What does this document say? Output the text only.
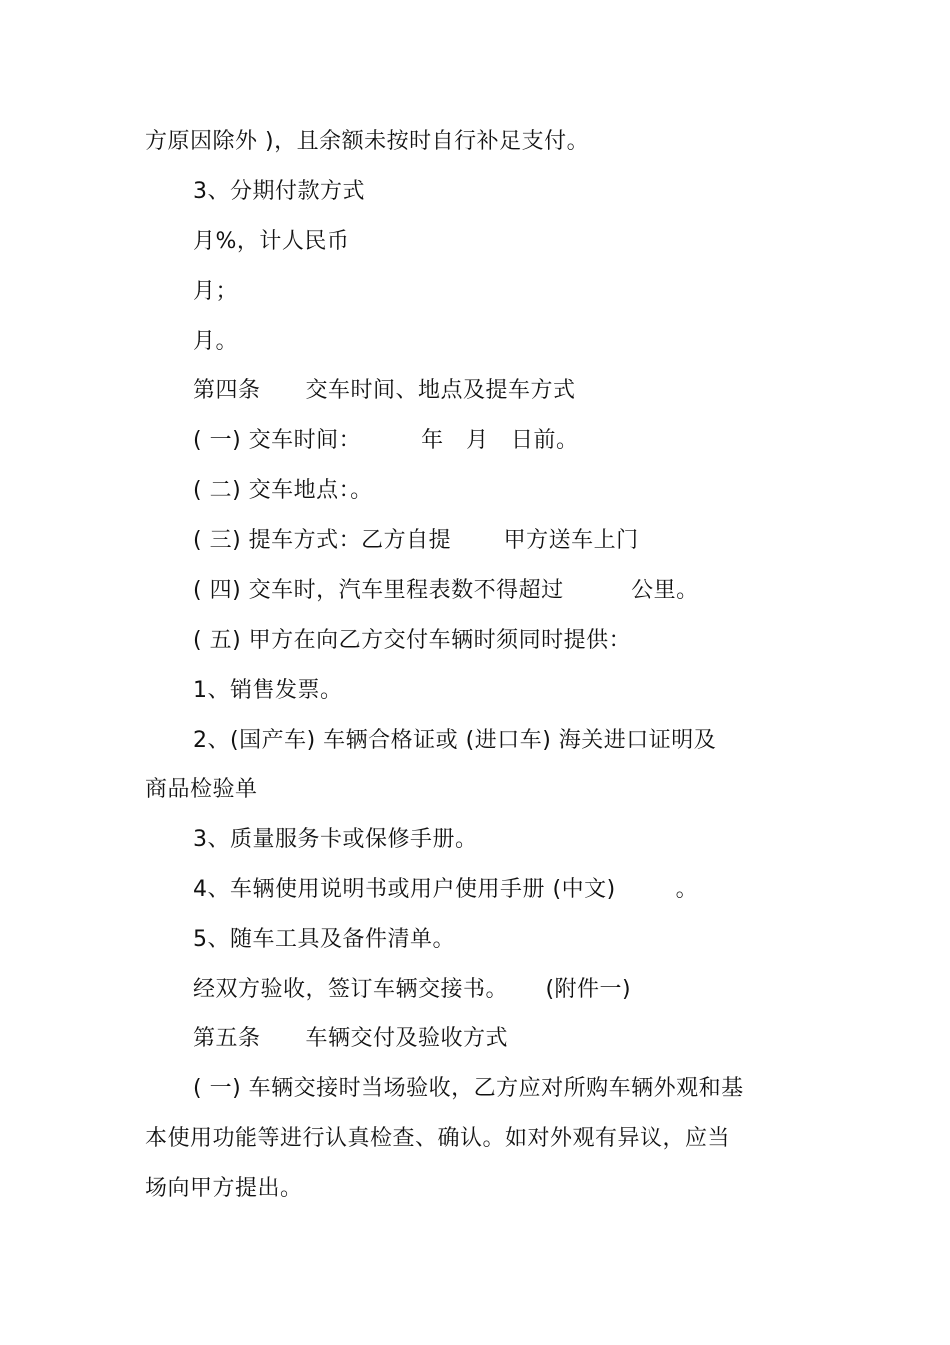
方原因除外 )，且余额未按时自行补足支付。
3、分期付款方式
月%，计人民币
月；
月。
第四条      交车时间、地点及提车方式
( 一) 交车时间：        年   月   日前。
( 二) 交车地点：。
( 三) 提车方式：乙方自提       甲方送车上门
( 四) 交车时，汽车里程表数不得超过         公里。
( 五) 甲方在向乙方交付车辆时须同时提供：
1、销售发票。
2、(国产车) 车辆合格证或 (进口车) 海关进口证明及
商品检验单
3、质量服务卡或保修手册。
4、车辆使用说明书或用户使用手册 (中文)        。
5、随车工具及备件清单。
经双方验收，签订车辆交接书。     (附件一)
第五条      车辆交付及验收方式
( 一) 车辆交接时当场验收，乙方应对所购车辆外观和基
本使用功能等进行认真检查、确认。如对外观有异议，应当
场向甲方提出。
